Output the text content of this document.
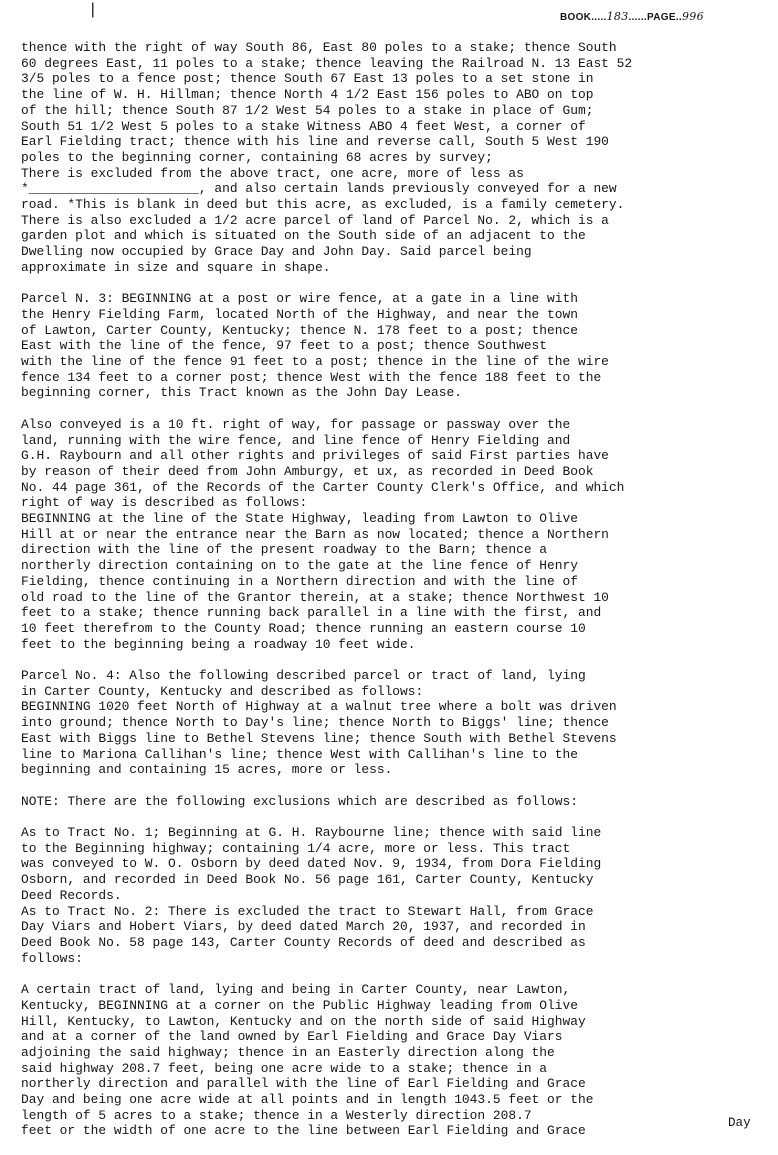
|	BOOK.....183......PAGE..996

thence with the right of way South 86, East 80 poles to a stake; thence South
60 degrees East, 11 poles to a stake; thence leaving the Railroad N. 13 East 52
3/5 poles to a fence post; thence South 67 East 13 poles to a set stone in
the line of W. H. Hillman; thence North 4 1/2 East 156 poles to ABO on top
of the hill; thence South 87 1/2 West 54 poles to a stake in place of Gum;
South 51 1/2 West 5 poles to a stake Witness ABO 4 feet West, a corner of
Earl Fielding tract; thence with his line and reverse call, South 5 West 190
poles to the beginning corner, containing 68 acres by survey;
There is excluded from the above tract, one acre, more of less as
*______________________, and also certain lands previously conveyed for a new
road. *This is blank in deed but this acre, as excluded, is a family cemetery.
There is also excluded a 1/2 acre parcel of land of Parcel No. 2, which is a
garden plot and which is situated on the South side of an adjacent to the
Dwelling now occupied by Grace Day and John Day. Said parcel being
approximate in size and square in shape.

Parcel N. 3: BEGINNING at a post or wire fence, at a gate in a line with
the Henry Fielding Farm, located North of the Highway, and near the town
of Lawton, Carter County, Kentucky; thence N. 178 feet to a post; thence
East with the line of the fence, 97 feet to a post; thence Southwest
with the line of the fence 91 feet to a post; thence in the line of the wire
fence 134 feet to a corner post; thence West with the fence 188 feet to the
beginning corner, this Tract known as the John Day Lease.

Also conveyed is a 10 ft. right of way, for passage or passway over the
land, running with the wire fence, and line fence of Henry Fielding and
G.H. Raybourn and all other rights and privileges of said First parties have
by reason of their deed from John Amburgy, et ux, as recorded in Deed Book
No. 44 page 361, of the Records of the Carter County Clerk's Office, and which
right of way is described as follows:
BEGINNING at the line of the State Highway, leading from Lawton to Olive
Hill at or near the entrance near the Barn as now located; thence a Northern
direction with the line of the present roadway to the Barn; thence a
northerly direction containing on to the gate at the line fence of Henry
Fielding, thence continuing in a Northern direction and with the line of
old road to the line of the Grantor therein, at a stake; thence Northwest 10
feet to a stake; thence running back parallel in a line with the first, and
10 feet therefrom to the County Road; thence running an eastern course 10
feet to the beginning being a roadway 10 feet wide.

Parcel No. 4: Also the following described parcel or tract of land, lying
in Carter County, Kentucky and described as follows:
BEGINNING 1020 feet North of Highway at a walnut tree where a bolt was driven
into ground; thence North to Day's line; thence North to Biggs' line; thence
East with Biggs line to Bethel Stevens line; thence South with Bethel Stevens
line to Mariona Callihan's line; thence West with Callihan's line to the
beginning and containing 15 acres, more or less.

NOTE: There are the following exclusions which are described as follows:

As to Tract No. 1; Beginning at G. H. Raybourne line; thence with said line
to the Beginning highway; containing 1/4 acre, more or less. This tract
was conveyed to W. O. Osborn by deed dated Nov. 9, 1934, from Dora Fielding
Osborn, and recorded in Deed Book No. 56 page 161, Carter County, Kentucky
Deed Records.
As to Tract No. 2: There is excluded the tract to Stewart Hall, from Grace
Day Viars and Hobert Viars, by deed dated March 20, 1937, and recorded in
Deed Book No. 58 page 143, Carter County Records of deed and described as
follows:

A certain tract of land, lying and being in Carter County, near Lawton,
Kentucky, BEGINNING at a corner on the Public Highway leading from Olive
Hill, Kentucky, to Lawton, Kentucky and on the north side of said Highway
and at a corner of the land owned by Earl Fielding and Grace Day Viars
adjoining the said highway; thence in an Easterly direction along the
said highway 208.7 feet, being one acre wide to a stake; thence in a
northerly direction and parallel with the line of Earl Fielding and Grace
Day and being one acre wide at all points and in length 1043.5 feet or the
length of 5 acres to a stake; thence in a Westerly direction 208.7
feet or the width of one acre to the line between Earl Fielding and Grace

Day
